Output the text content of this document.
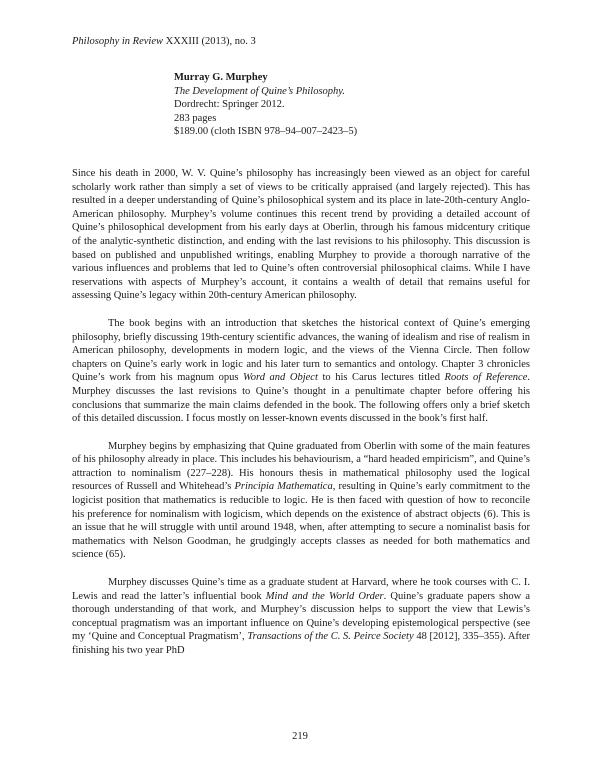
Philosophy in Review XXXIII (2013), no. 3
Murray G. Murphey
The Development of Quine’s Philosophy.
Dordrecht: Springer 2012.
283 pages
$189.00 (cloth ISBN 978–94–007–2423–5)

Since his death in 2000, W. V. Quine’s philosophy has increasingly been viewed as an object for careful scholarly work rather than simply a set of views to be critically appraised (and largely rejected). This has resulted in a deeper understanding of Quine’s philosophical system and its place in late-20th-century Anglo-American philosophy. Murphey’s volume continues this recent trend by providing a detailed account of Quine’s philosophical development from his early days at Oberlin, through his famous midcentury critique of the analytic-synthetic distinction, and ending with the last revisions to his philosophy. This discussion is based on published and unpublished writings, enabling Murphey to provide a thorough narrative of the various influences and problems that led to Quine’s often controversial philosophical claims. While I have reservations with aspects of Murphey’s account, it contains a wealth of detail that remains useful for assessing Quine’s legacy within 20th-century American philosophy.

The book begins with an introduction that sketches the historical context of Quine’s emerging philosophy, briefly discussing 19th-century scientific advances, the waning of idealism and rise of realism in American philosophy, developments in modern logic, and the views of the Vienna Circle. Then follow chapters on Quine’s early work in logic and his later turn to semantics and ontology. Chapter 3 chronicles Quine’s work from his magnum opus Word and Object to his Carus lectures titled Roots of Reference. Murphey discusses the last revisions to Quine’s thought in a penultimate chapter before offering his conclusions that summarize the main claims defended in the book. The following offers only a brief sketch of this detailed discussion. I focus mostly on lesser-known events discussed in the book’s first half.

Murphey begins by emphasizing that Quine graduated from Oberlin with some of the main features of his philosophy already in place. This includes his behaviourism, a “hard headed empiricism”, and Quine’s attraction to nominalism (227–228). His honours thesis in mathematical philosophy used the logical resources of Russell and Whitehead’s Principia Mathematica, resulting in Quine’s early commitment to the logicist position that mathematics is reducible to logic. He is then faced with question of how to reconcile his preference for nominalism with logicism, which depends on the existence of abstract objects (6). This is an issue that he will struggle with until around 1948, when, after attempting to secure a nominalist basis for mathematics with Nelson Goodman, he grudgingly accepts classes as needed for both mathematics and science (65).

Murphey discusses Quine’s time as a graduate student at Harvard, where he took courses with C. I. Lewis and read the latter’s influential book Mind and the World Order. Quine’s graduate papers show a thorough understanding of that work, and Murphey’s discussion helps to support the view that Lewis’s conceptual pragmatism was an important influence on Quine’s developing epistemological perspective (see my ‘Quine and Conceptual Pragmatism’, Transactions of the C. S. Peirce Society 48 [2012], 335–355). After finishing his two year PhD

219
